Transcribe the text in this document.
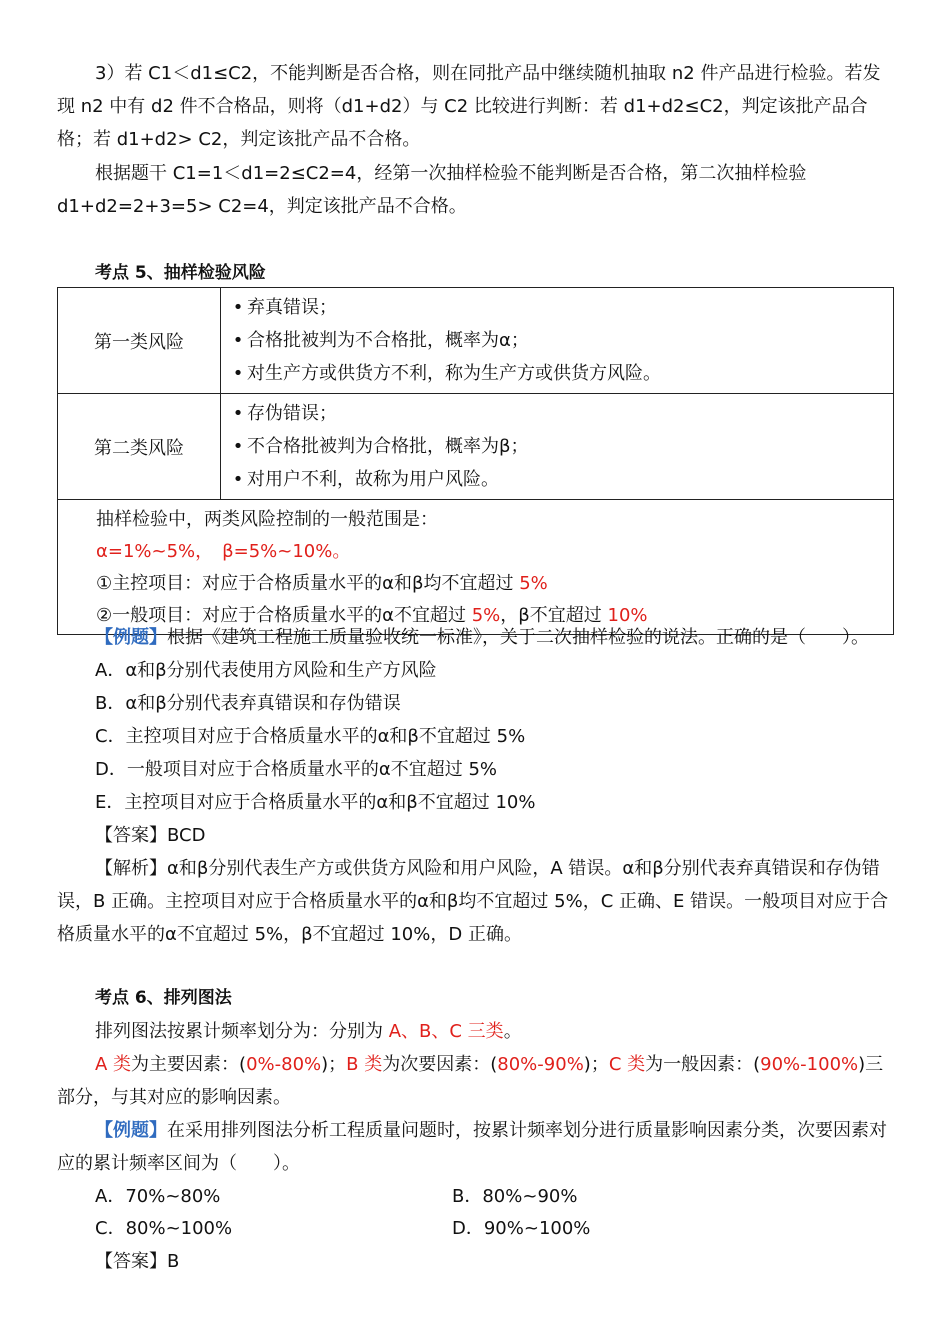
3）若 C1＜d1≤C2，不能判断是否合格，则在同批产品中继续随机抽取 n2 件产品进行检验。若发现 n2 中有 d2 件不合格品，则将（d1+d2）与 C2 比较进行判断：若 d1+d2≤C2，判定该批产品合格；若 d1+d2> C2，判定该批产品不合格。

根据题干 C1=1＜d1=2≤C2=4，经第一次抽样检验不能判断是否合格，第二次抽样检验 d1+d2=2+3=5> C2=4，判定该批产品不合格。

考点 5、抽样检验风险
第一类风险	• 弃真错误；
• 合格批被判为不合格批，概率为α；
• 对生产方或供货方不利，称为生产方或供货方风险。

第二类风险	• 存伪错误；
• 不合格批被判为合格批，概率为β；
• 对用户不利，故称为用户风险。

抽样检验中，两类风险控制的一般范围是：
α=1%~5%，　β=5%~10%。
①主控项目：对应于合格质量水平的α和β均不宜超过 5%
②一般项目：对应于合格质量水平的α不宜超过 5%，β不宜超过 10%	
【例题】根据《建筑工程施工质量验收统一标准》，关于二次抽样检验的说法。正确的是（　　）。
A．α和β分别代表使用方风险和生产方风险
B．α和β分别代表弃真错误和存伪错误
C．主控项目对应于合格质量水平的α和β不宜超过 5%
D．一般项目对应于合格质量水平的α不宜超过 5%
E．主控项目对应于合格质量水平的α和β不宜超过 10%
【答案】BCD

【解析】α和β分别代表生产方或供货方风险和用户风险，A 错误。α和β分别代表弃真错误和存伪错误，B 正确。主控项目对应于合格质量水平的α和β均不宜超过 5%，C 正确、E 错误。一般项目对应于合格质量水平的α不宜超过 5%，β不宜超过 10%，D 正确。

考点 6、排列图法
排列图法按累计频率划分为：分别为 A、B、C 三类。

A 类为主要因素：(0%-80%)；B 类为次要因素：(80%-90%)；C 类为一般因素：(90%-100%)三部分，与其对应的影响因素。

【例题】在采用排列图法分析工程质量问题时，按累计频率划分进行质量影响因素分类，次要因素对应的累计频率区间为（　　）。

A．70%~80%	B．80%~90%
C．80%~100%	D．90%~100%
【答案】B
